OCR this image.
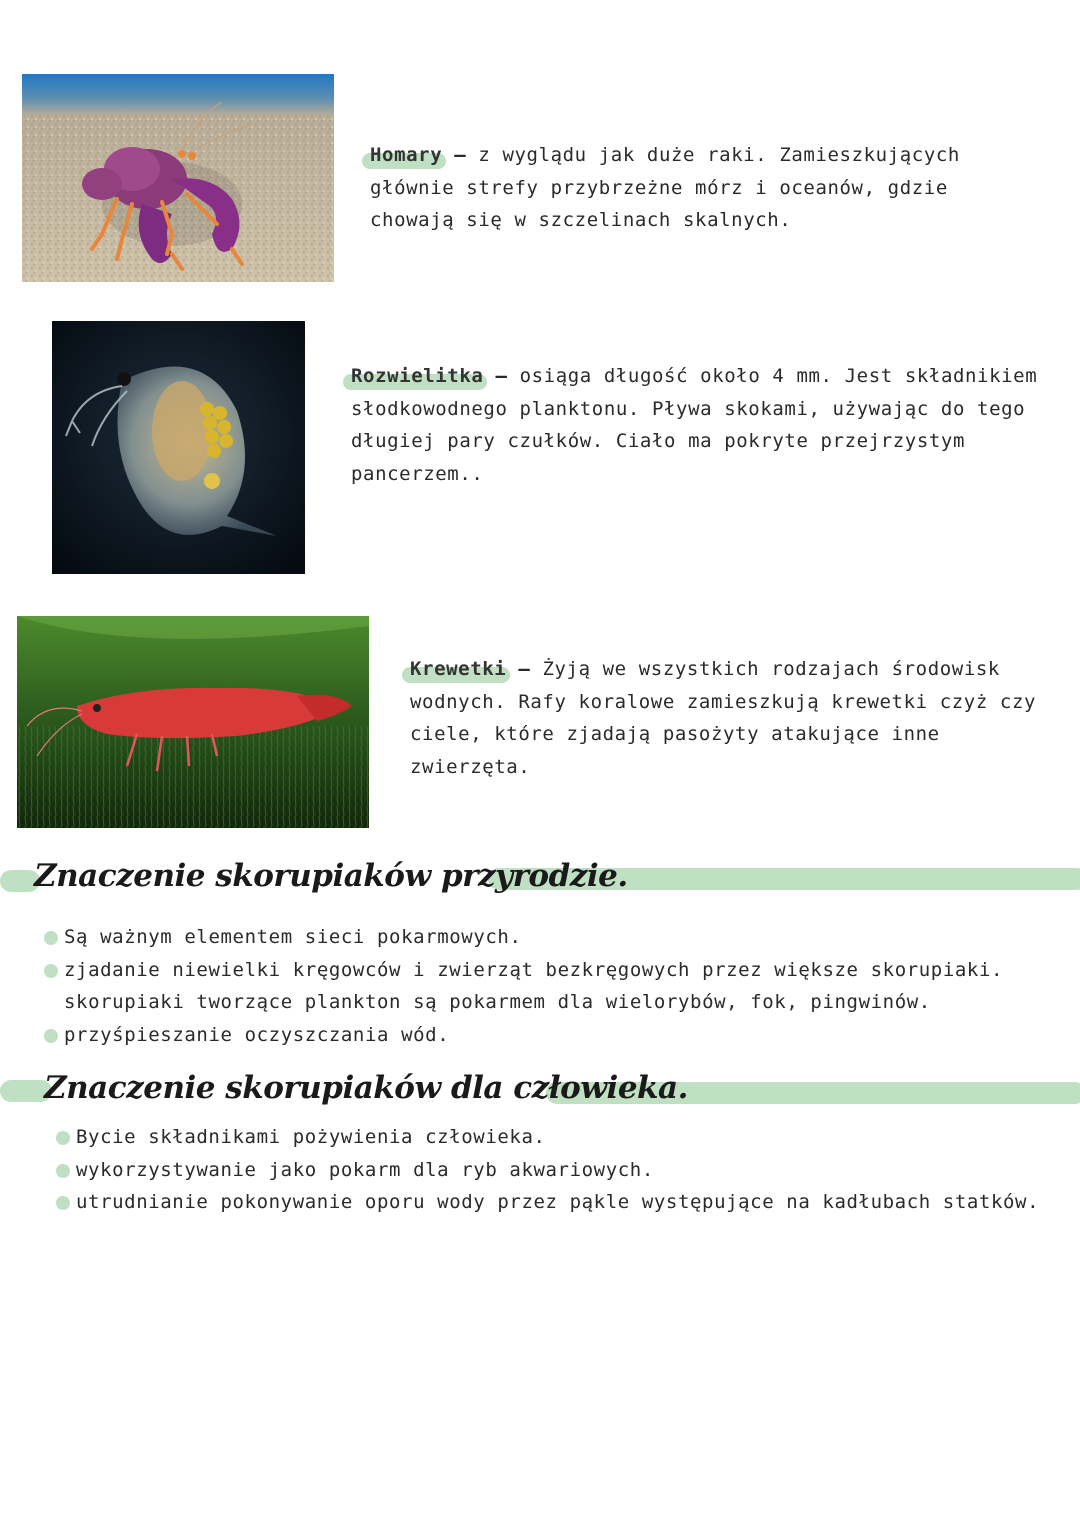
Homary — z wyglądu jak duże raki. Zamieszkujących
głównie strefy przybrzeżne mórz i oceanów, gdzie
chowają się w szczelinach skalnych.
Rozwielitka — osiąga długość około 4 mm. Jest składnikiem
słodkowodnego planktonu. Pływa skokami, używając do tego
długiej pary czułków. Ciało ma pokryte przejrzystym
pancerzem..
Krewetki — Żyją we wszystkich rodzajach środowisk
wodnych. Rafy koralowe zamieszkują krewetki czyż czy
ciele, które zjadają pasożyty atakujące inne
zwierzęta.
Znaczenie skorupiaków przyrodzie.
Są ważnym elementem sieci pokarmowych.
zjadanie niewielki kręgowców i zwierząt bezkręgowych przez większe skorupiaki.
skorupiaki tworzące plankton są pokarmem dla wielorybów, fok, pingwinów.
przyśpieszanie oczyszczania wód.
Znaczenie skorupiaków dla człowieka.
Bycie składnikami pożywienia człowieka.
wykorzystywanie jako pokarm dla ryb akwariowych.
utrudnianie pokonywanie oporu wody przez pąkle występujące na kadłubach statków.
